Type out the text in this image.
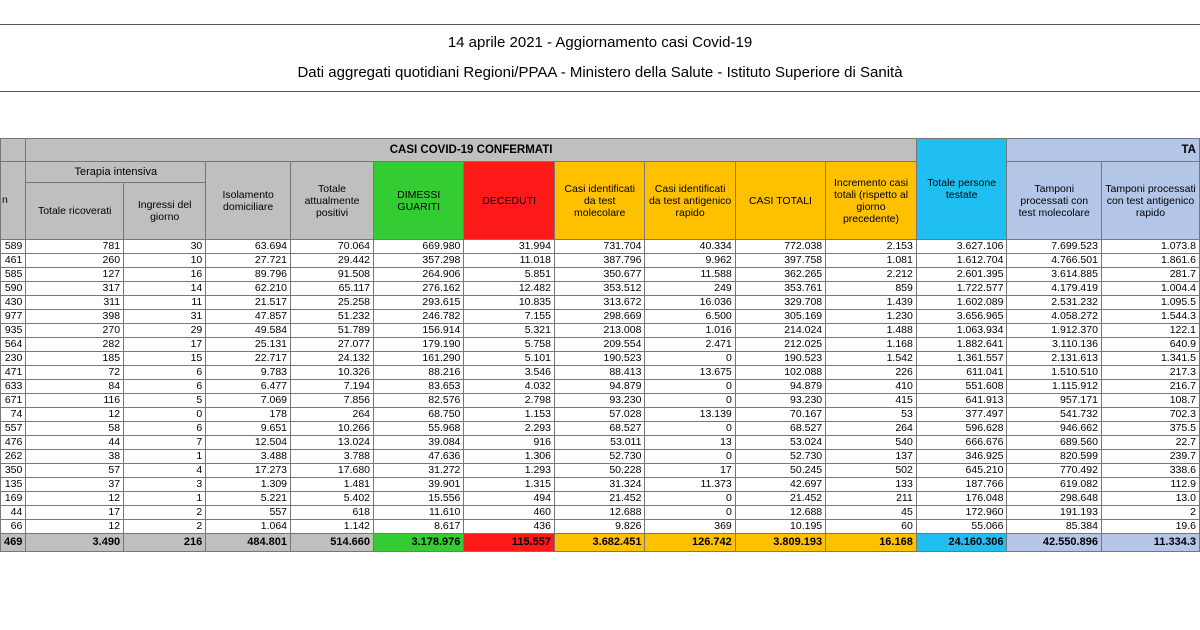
14 aprile 2021 - Aggiornamento casi Covid-19
Dati aggregati quotidiani Regioni/PPAA - Ministero della Salute - Istituto Superiore di Sanità
	CASI COVID-19 CONFERMATI										Totale persone testate	TA	
n	Terapia intensiva		Isolamento domiciliare	Totale attualmente positivi	DIMESSI GUARITI	DECEDUTI	Casi identificati da test molecolare	Casi identificati da test antigenico rapido	CASI TOTALI	Incremento casi totali (rispetto al giorno precedente)		Tamponi processati con test molecolare	Tamponi processati con test antigenico rapido
	Totale ricoverati	Ingressi del giorno											
589	781	30	63.694	70.064	669.980	31.994	731.704	40.334	772.038	2.153	3.627.106	7.699.523	1.073.8
461	260	10	27.721	29.442	357.298	11.018	387.796	9.962	397.758	1.081	1.612.704	4.766.501	1.861.6
585	127	16	89.796	91.508	264.906	5.851	350.677	11.588	362.265	2.212	2.601.395	3.614.885	281.7
590	317	14	62.210	65.117	276.162	12.482	353.512	249	353.761	859	1.722.577	4.179.419	1.004.4
430	311	11	21.517	25.258	293.615	10.835	313.672	16.036	329.708	1.439	1.602.089	2.531.232	1.095.5
977	398	31	47.857	51.232	246.782	7.155	298.669	6.500	305.169	1.230	3.656.965	4.058.272	1.544.3
935	270	29	49.584	51.789	156.914	5.321	213.008	1.016	214.024	1.488	1.063.934	1.912.370	122.1
564	282	17	25.131	27.077	179.190	5.758	209.554	2.471	212.025	1.168	1.882.641	3.110.136	640.9
230	185	15	22.717	24.132	161.290	5.101	190.523	0	190.523	1.542	1.361.557	2.131.613	1.341.5
471	72	6	9.783	10.326	88.216	3.546	88.413	13.675	102.088	226	611.041	1.510.510	217.3
633	84	6	6.477	7.194	83.653	4.032	94.879	0	94.879	410	551.608	1.115.912	216.7
671	116	5	7.069	7.856	82.576	2.798	93.230	0	93.230	415	641.913	957.171	108.7
74	12	0	178	264	68.750	1.153	57.028	13.139	70.167	53	377.497	541.732	702.3
557	58	6	9.651	10.266	55.968	2.293	68.527	0	68.527	264	596.628	946.662	375.5
476	44	7	12.504	13.024	39.084	916	53.011	13	53.024	540	666.676	689.560	22.7
262	38	1	3.488	3.788	47.636	1.306	52.730	0	52.730	137	346.925	820.599	239.7
350	57	4	17.273	17.680	31.272	1.293	50.228	17	50.245	502	645.210	770.492	338.6
135	37	3	1.309	1.481	39.901	1.315	31.324	11.373	42.697	133	187.766	619.082	112.9
169	12	1	5.221	5.402	15.556	494	21.452	0	21.452	211	176.048	298.648	13.0
44	17	2	557	618	11.610	460	12.688	0	12.688	45	172.960	191.193	2
66	12	2	1.064	1.142	8.617	436	9.826	369	10.195	60	55.066	85.384	19.6
469	3.490	216	484.801	514.660	3.178.976	115.557	3.682.451	126.742	3.809.193	16.168	24.160.306	42.550.896	11.334.3
